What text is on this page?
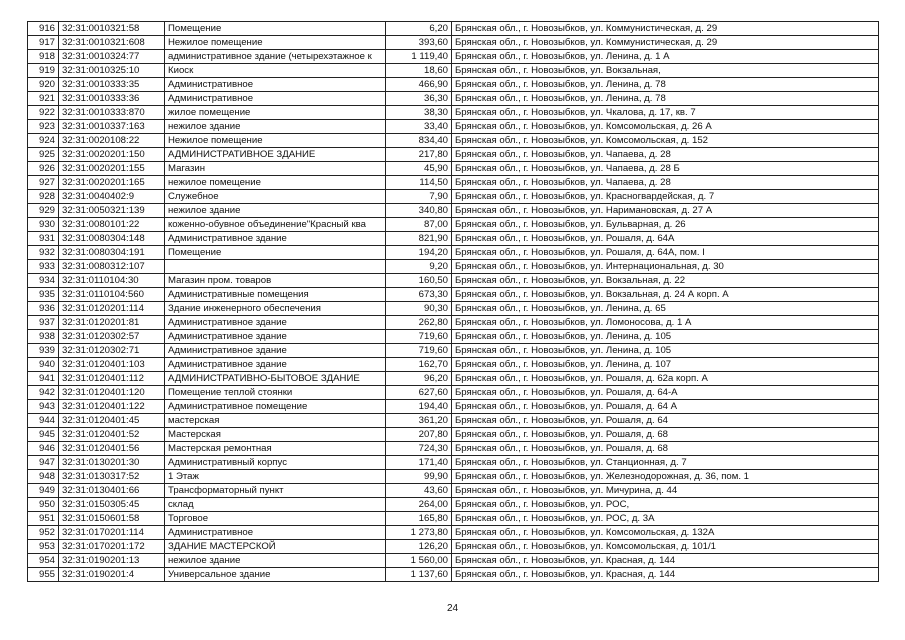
916	32:31:0010321:58	Помещение	6,20	Брянская обл., г. Новозыбков, ул. Коммунистическая, д. 29
917	32:31:0010321:608	Нежилое помещение	393,60	Брянская обл., г. Новозыбков, ул. Коммунистическая, д. 29
918	32:31:0010324:77	административное здание (четырехэтажное к	1 119,40	Брянская обл., г. Новозыбков, ул. Ленина, д. 1 А
919	32:31:0010325:10	Киоск	18,60	Брянская обл., г. Новозыбков, ул. Вокзальная,
920	32:31:0010333:35	Административное	466,90	Брянская обл., г. Новозыбков, ул. Ленина, д. 78
921	32:31:0010333:36	Административное	36,30	Брянская обл., г. Новозыбков, ул. Ленина, д. 78
922	32:31:0010333:870	жилое помещение	38,30	Брянская обл., г. Новозыбков, ул. Чкалова, д. 17, кв. 7
923	32:31:0010337:163	нежилое здание	33,40	Брянская обл., г. Новозыбков, ул. Комсомольская, д. 26 А
924	32:31:0020108:22	Нежилое помещение	834,40	Брянская обл., г. Новозыбков, ул. Комсомольская, д. 152
925	32:31:0020201:150	АДМИНИСТРАТИВНОЕ ЗДАНИЕ	217,80	Брянская обл., г. Новозыбков, ул. Чапаева, д. 28
926	32:31:0020201:155	Магазин	45,90	Брянская обл., г. Новозыбков, ул. Чапаева, д. 28 Б
927	32:31:0020201:165	нежилое помещение	114,50	Брянская обл., г. Новозыбков, ул. Чапаева, д. 28
928	32:31:0040402:9	Служебное	7,90	Брянская обл., г. Новозыбков, ул. Красногвардейская, д. 7
929	32:31:0050321:139	нежилое здание	340,80	Брянская обл., г. Новозыбков, ул. Наримановская, д. 27 А
930	32:31:0080101:22	коженно-обувное объединение"Красный ква	87,00	Брянская обл., г. Новозыбков, ул. Бульварная, д. 26
931	32:31:0080304:148	Административное здание	821,90	Брянская обл., г. Новозыбков, ул. Рошаля, д. 64А
932	32:31:0080304:191	Помещение	194,20	Брянская обл., г. Новозыбков, ул. Рошаля, д. 64А, пом. I
933	32:31:0080312:107		9,20	Брянская обл., г. Новозыбков, ул. Интернациональная, д. 30
934	32:31:0110104:30	Магазин пром. товаров	160,50	Брянская обл., г. Новозыбков, ул. Вокзальная, д. 22
935	32:31:0110104:560	Административные помещения	673,30	Брянская обл., г. Новозыбков, ул. Вокзальная, д. 24 А корп. А
936	32:31:0120201:114	Здание инженерного обеспечения	90,30	Брянская обл., г. Новозыбков, ул. Ленина, д. 65
937	32:31:0120201:81	Административное здание	262,80	Брянская обл., г. Новозыбков, ул. Ломоносова, д. 1 А
938	32:31:0120302:57	Административное здание	719,60	Брянская обл., г. Новозыбков, ул. Ленина, д. 105
939	32:31:0120302:71	Административное здание	719,60	Брянская обл., г. Новозыбков, ул. Ленина, д. 105
940	32:31:0120401:103	Административное здание	162,70	Брянская обл., г. Новозыбков, ул. Ленина, д. 107
941	32:31:0120401:112	АДМИНИСТРАТИВНО-БЫТОВОЕ ЗДАНИЕ	96,20	Брянская обл., г. Новозыбков, ул. Рошаля, д. 62а корп. А
942	32:31:0120401:120	Помещение теплой стоянки	627,60	Брянская обл., г. Новозыбков, ул. Рошаля, д. 64-А
943	32:31:0120401:122	Административное помещение	194,40	Брянская обл., г. Новозыбков, ул. Рошаля, д. 64 А
944	32:31:0120401:45	мастерская	361,20	Брянская обл., г. Новозыбков, ул. Рошаля, д. 64
945	32:31:0120401:52	Мастерская	207,80	Брянская обл., г. Новозыбков, ул. Рошаля, д. 68
946	32:31:0120401:56	Мастерская ремонтная	724,30	Брянская обл., г. Новозыбков, ул. Рошаля, д. 68
947	32:31:0130201:30	Административный корпус	171,40	Брянская обл., г. Новозыбков, ул. Станционная, д. 7
948	32:31:0130317:52	1 Этаж	99,90	Брянская обл., г. Новозыбков, ул. Железнодорожная, д. 36, пом. 1
949	32:31:0130401:66	Трансформаторный пункт	43,60	Брянская обл., г. Новозыбков, ул. Мичурина, д. 44
950	32:31:0150305:45	склад	264,00	Брянская обл., г. Новозыбков, ул. РОС,
951	32:31:0150601:58	Торговое	165,80	Брянская обл., г. Новозыбков, ул. РОС, д. 3А
952	32:31:0170201:114	Административное	1 273,80	Брянская обл., г. Новозыбков, ул. Комсомольская, д. 132А
953	32:31:0170201:172	ЗДАНИЕ МАСТЕРСКОЙ	126,20	Брянская обл., г. Новозыбков, ул. Комсомольская, д. 101/1
954	32:31:0190201:13	нежилое здание	1 560,00	Брянская обл., г. Новозыбков, ул. Красная, д. 144
955	32:31:0190201:4	Универсальное здание	1 137,60	Брянская обл., г. Новозыбков, ул. Красная, д. 144
24
